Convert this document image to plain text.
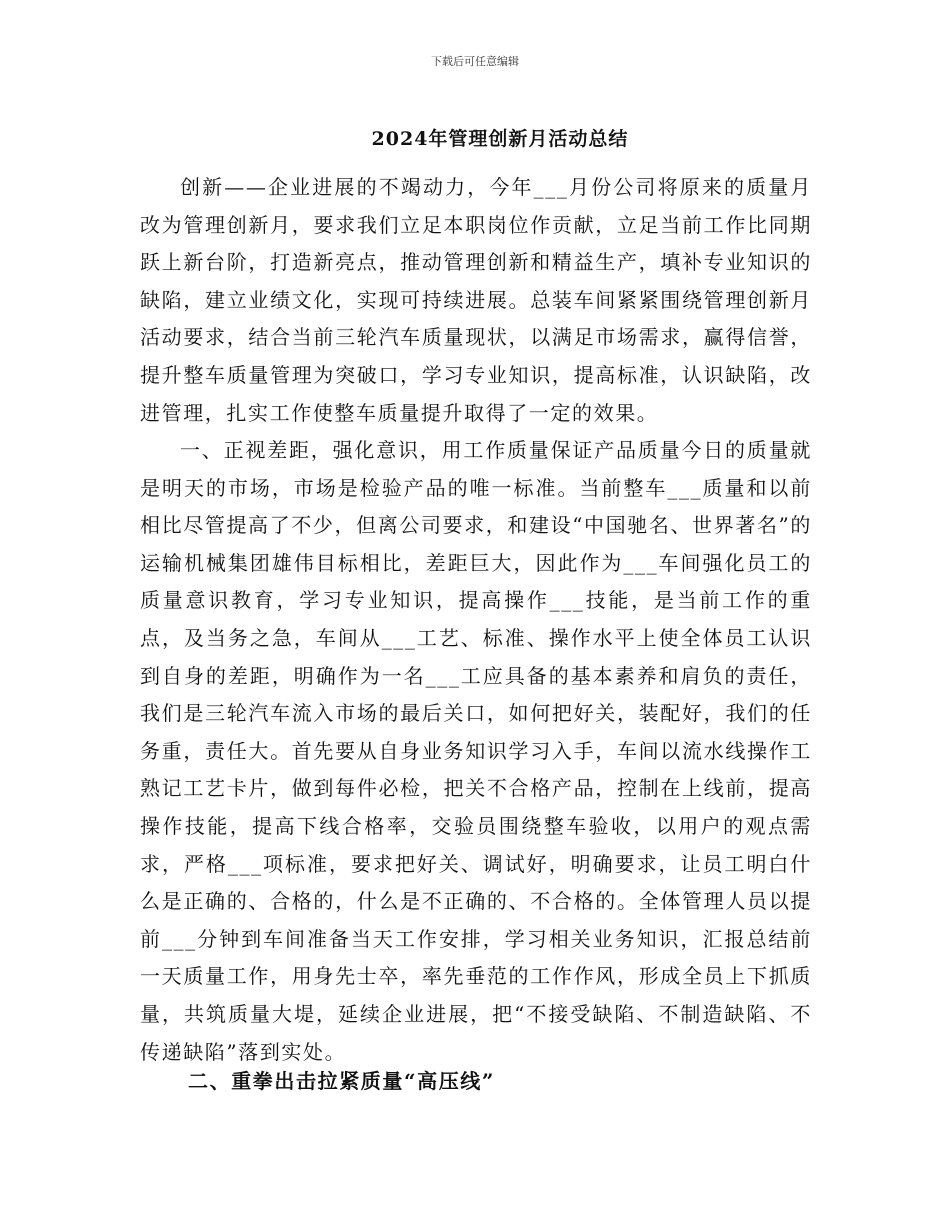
下载后可任意编辑
2024年管理创新月活动总结

创新——企业进展的不竭动力，今年___月份公司将原来的质量月改为管理创新月，要求我们立足本职岗位作贡献，立足当前工作比同期跃上新台阶，打造新亮点，推动管理创新和精益生产，填补专业知识的缺陷，建立业绩文化，实现可持续进展。总装车间紧紧围绕管理创新月活动要求，结合当前三轮汽车质量现状，以满足市场需求，赢得信誉，提升整车质量管理为突破口，学习专业知识，提高标准，认识缺陷，改进管理，扎实工作使整车质量提升取得了一定的效果。

一、正视差距，强化意识，用工作质量保证产品质量今日的质量就是明天的市场，市场是检验产品的唯一标准。当前整车___质量和以前相比尽管提高了不少，但离公司要求，和建设“中国驰名、世界著名”的运输机械集团雄伟目标相比，差距巨大，因此作为___车间强化员工的质量意识教育，学习专业知识，提高操作___技能，是当前工作的重点，及当务之急，车间从___工艺、标准、操作水平上使全体员工认识到自身的差距，明确作为一名___工应具备的基本素养和肩负的责任，我们是三轮汽车流入市场的最后关口，如何把好关，装配好，我们的任务重，责任大。首先要从自身业务知识学习入手，车间以流水线操作工熟记工艺卡片，做到每件必检，把关不合格产品，控制在上线前，提高操作技能，提高下线合格率，交验员围绕整车验收，以用户的观点需求，严格___项标准，要求把好关、调试好，明确要求，让员工明白什么是正确的、合格的，什么是不正确的、不合格的。全体管理人员以提前___分钟到车间准备当天工作安排，学习相关业务知识，汇报总结前一天质量工作，用身先士卒，率先垂范的工作作风，形成全员上下抓质量，共筑质量大堤，延续企业进展，把“不接受缺陷、不制造缺陷、不传递缺陷”落到实处。

二、重拳出击拉紧质量“高压线”
